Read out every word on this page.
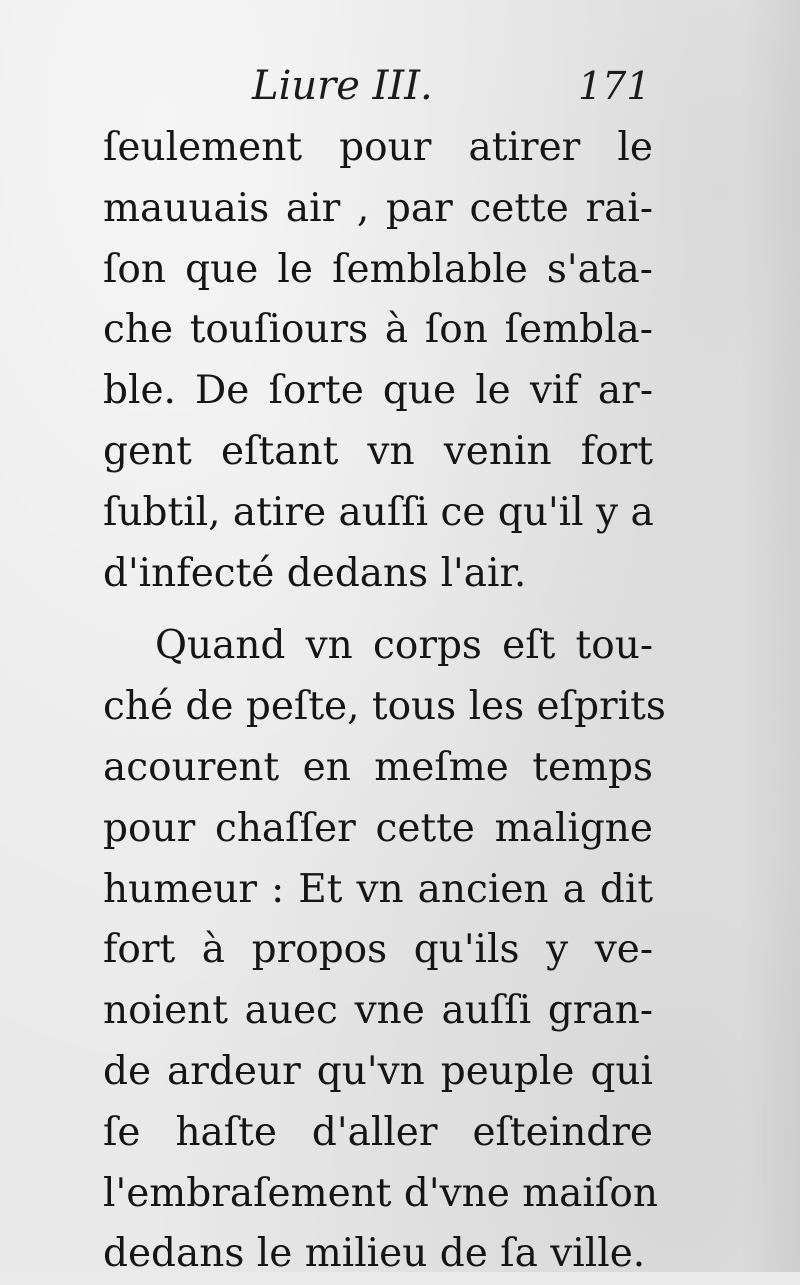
Liure III.	171
ſeulement pour atirer le
mauuais air , par cette rai-
ſon que le ſemblable s'ata-
che touſiours à ſon ſembla-
ble. De ſorte que le vif ar-
gent eſtant vn venin fort
ſubtil, atire auſſi ce qu'il y a
d'infecté dedans l'air.
Quand vn corps eſt tou-
ché de peſte, tous les eſprits
acourent en meſme temps
pour chaſſer cette maligne
humeur : Et vn ancien a dit
fort à propos qu'ils y ve-
noient auec vne auſſi gran-
de ardeur qu'vn peuple qui
ſe haſte d'aller eſteindre
l'embraſement d'vne maiſon
dedans le milieu de ſa ville.
